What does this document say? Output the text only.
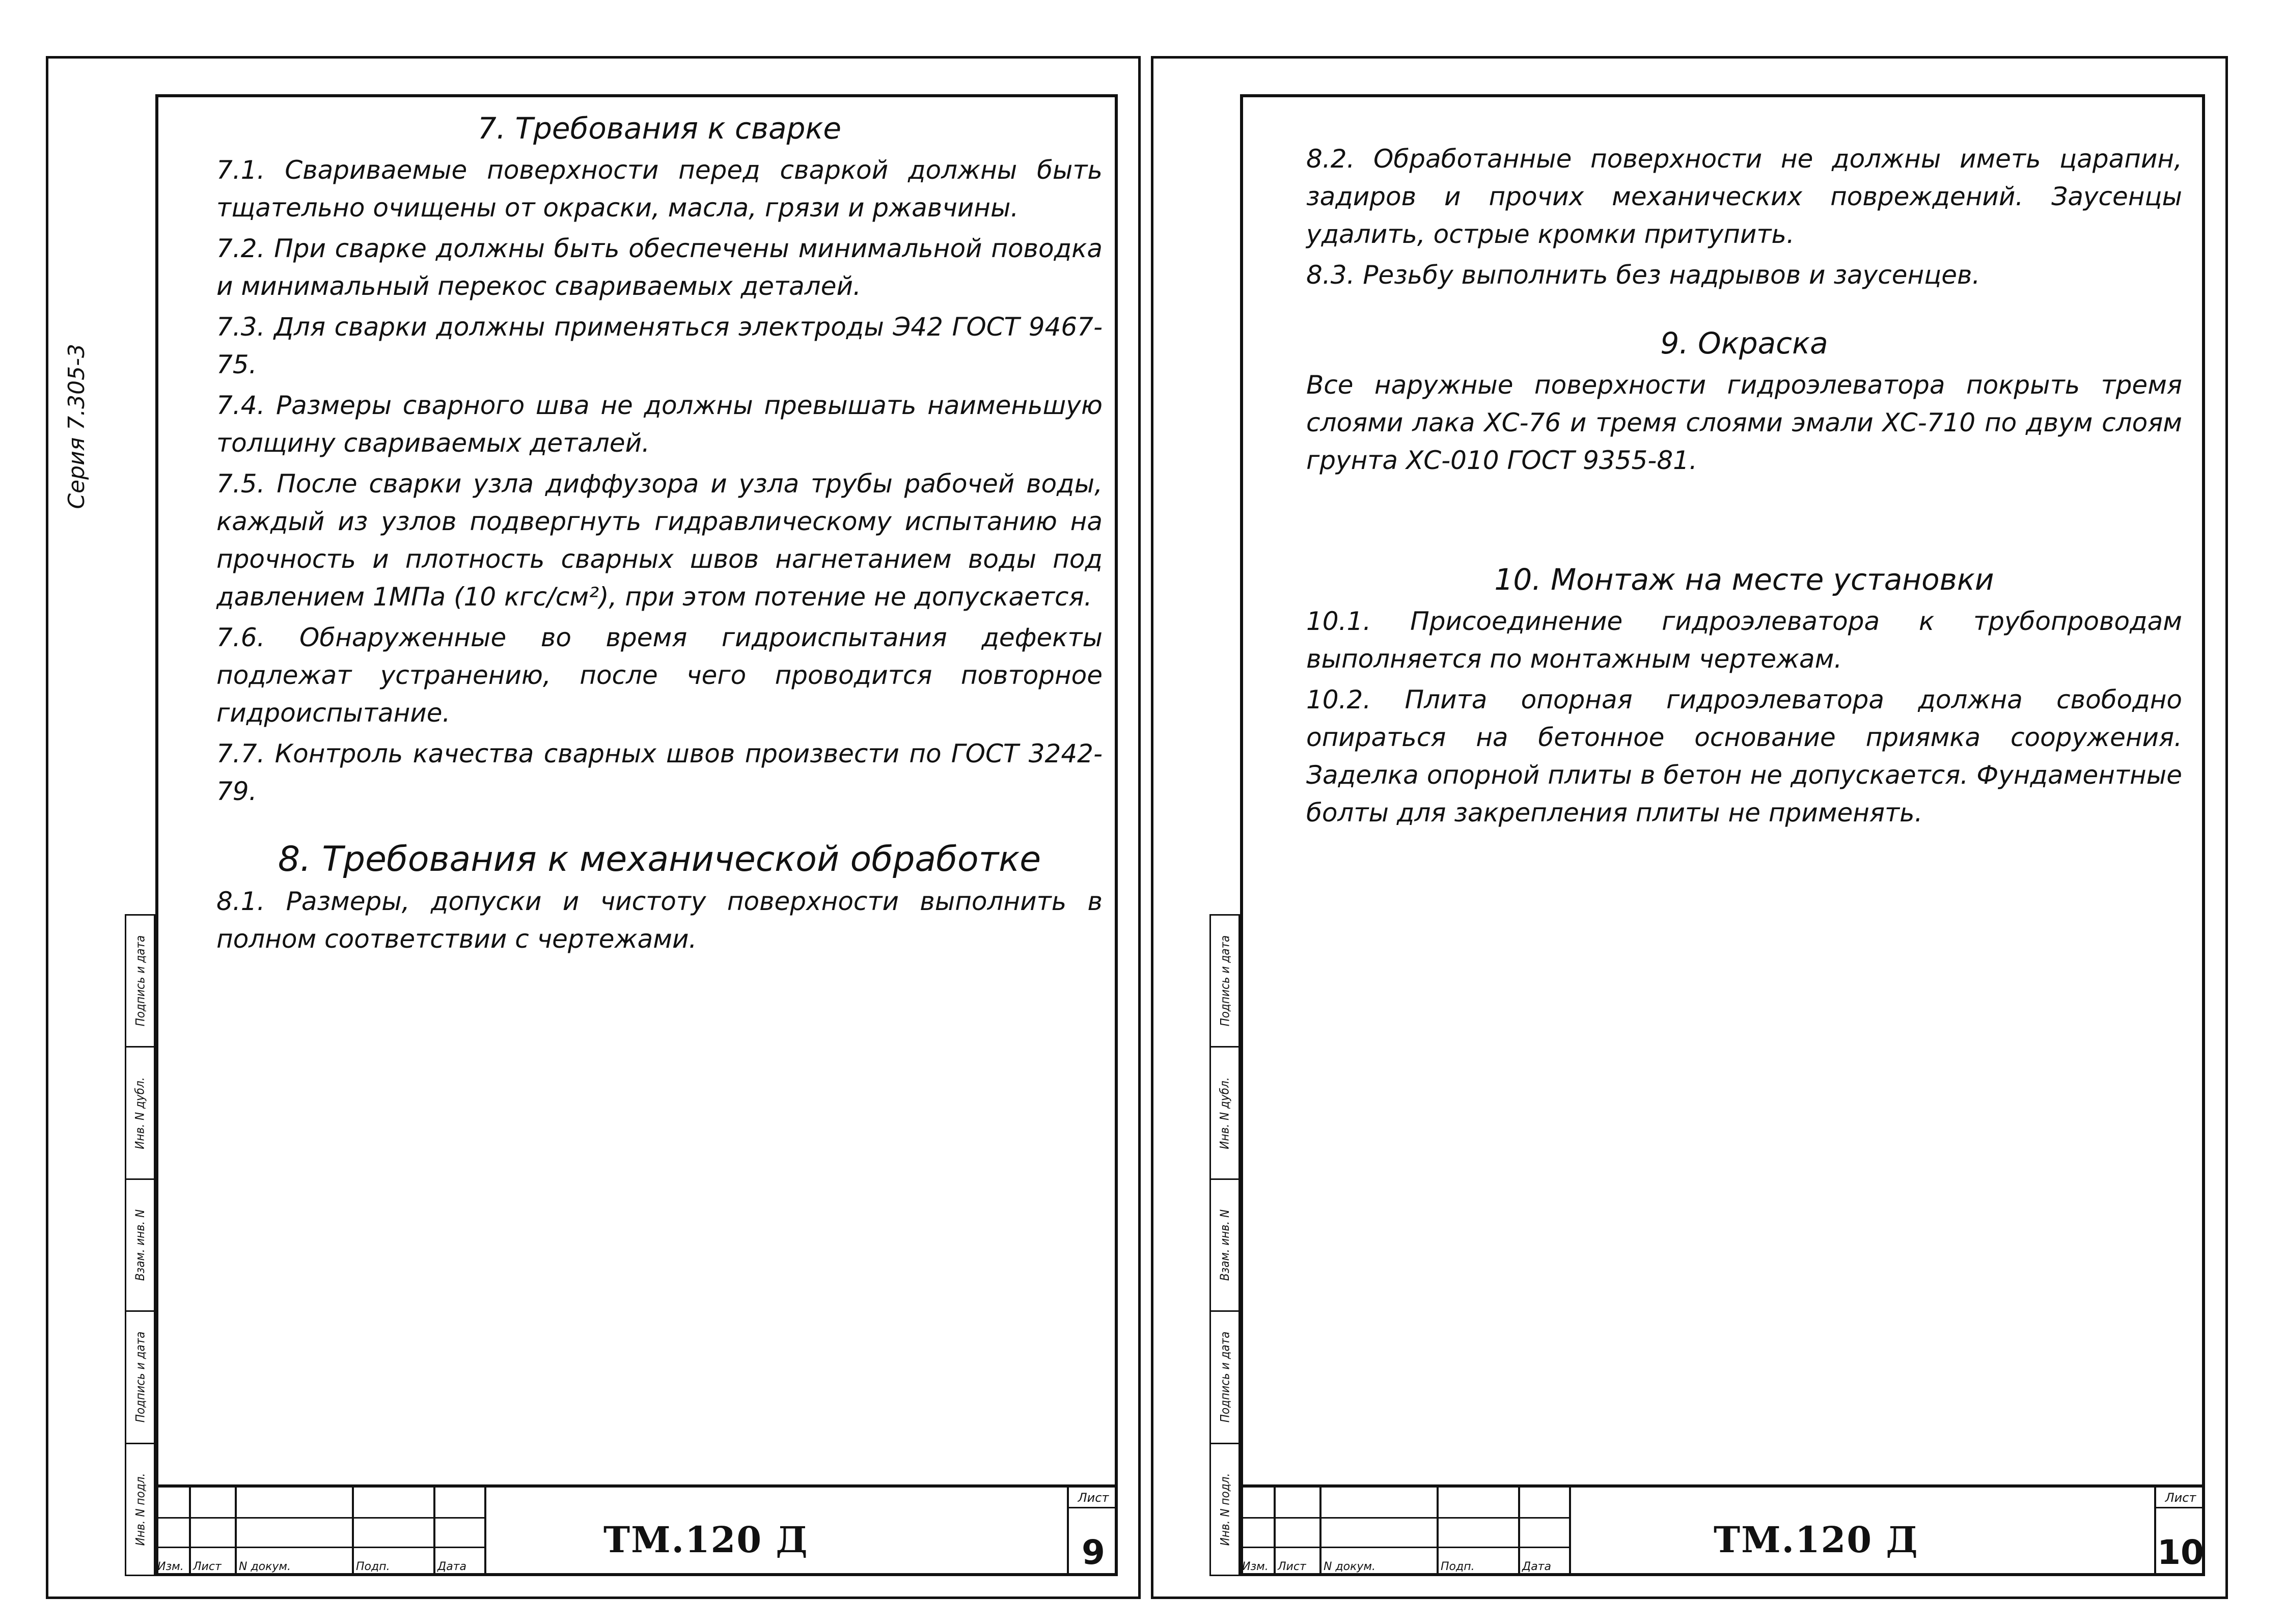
Серия 7.305-3
Инв. N подл.
Подпись и дата
Взам. инв. N
Инв. N дубл.
Подпись и дата
7. Требования к сварке

7.1. Свариваемые поверхности перед сваркой должны быть тщательно очищены от окраски, масла, грязи и ржавчины.

7.2. При сварке должны быть обеспечены минимальной поводка и минимальный перекос свариваемых деталей.

7.3. Для сварки должны применяться электроды Э42 ГОСТ 9467-75.

7.4. Размеры сварного шва не должны превышать наименьшую толщину свариваемых деталей.

7.5. После сварки узла диффузора и узла трубы рабочей воды, каждый из узлов подвергнуть гидравлическому испытанию на прочность и плотность сварных швов нагнетанием воды под давлением 1МПа (10 кгс/см²), при этом потение не допускается.

7.6. Обнаруженные во время гидроиспытания дефекты подлежат устранению, после чего проводится повторное гидроиспытание.

7.7. Контроль качества сварных швов произвести по ГОСТ 3242-79.

8. Требования к механической обработке

8.1. Размеры, допуски и чистоту поверхности выполнить в полном соответствии с чертежами.

Изм. Лист N докум.	Подп.	Дата
ТМ.120 Д
Лист
9
Инв. N подл.
Подпись и дата
Взам. инв. N
Инв. N дубл.
Подпись и дата

8.2. Обработанные поверхности не должны иметь царапин, задиров и прочих механических повреждений. Заусенцы удалить, острые кромки притупить.

8.3. Резьбу выполнить без надрывов и заусенцев.

9. Окраска

Все наружные поверхности гидроэлеватора покрыть тремя слоями лака ХС-76 и тремя слоями эмали ХС-710 по двум слоям грунта ХС-010 ГОСТ 9355-81.

10. Монтаж на месте установки

10.1. Присоединение гидроэлеватора к трубопроводам выполняется по монтажным чертежам.

10.2. Плита опорная гидроэлеватора должна свободно опираться на бетонное основание приямка сооружения. Заделка опорной плиты в бетон не допускается. Фундаментные болты для закрепления плиты не применять.

Изм. Лист N докум.	Подп.	Дата
ТМ.120 Д
Лист
10
